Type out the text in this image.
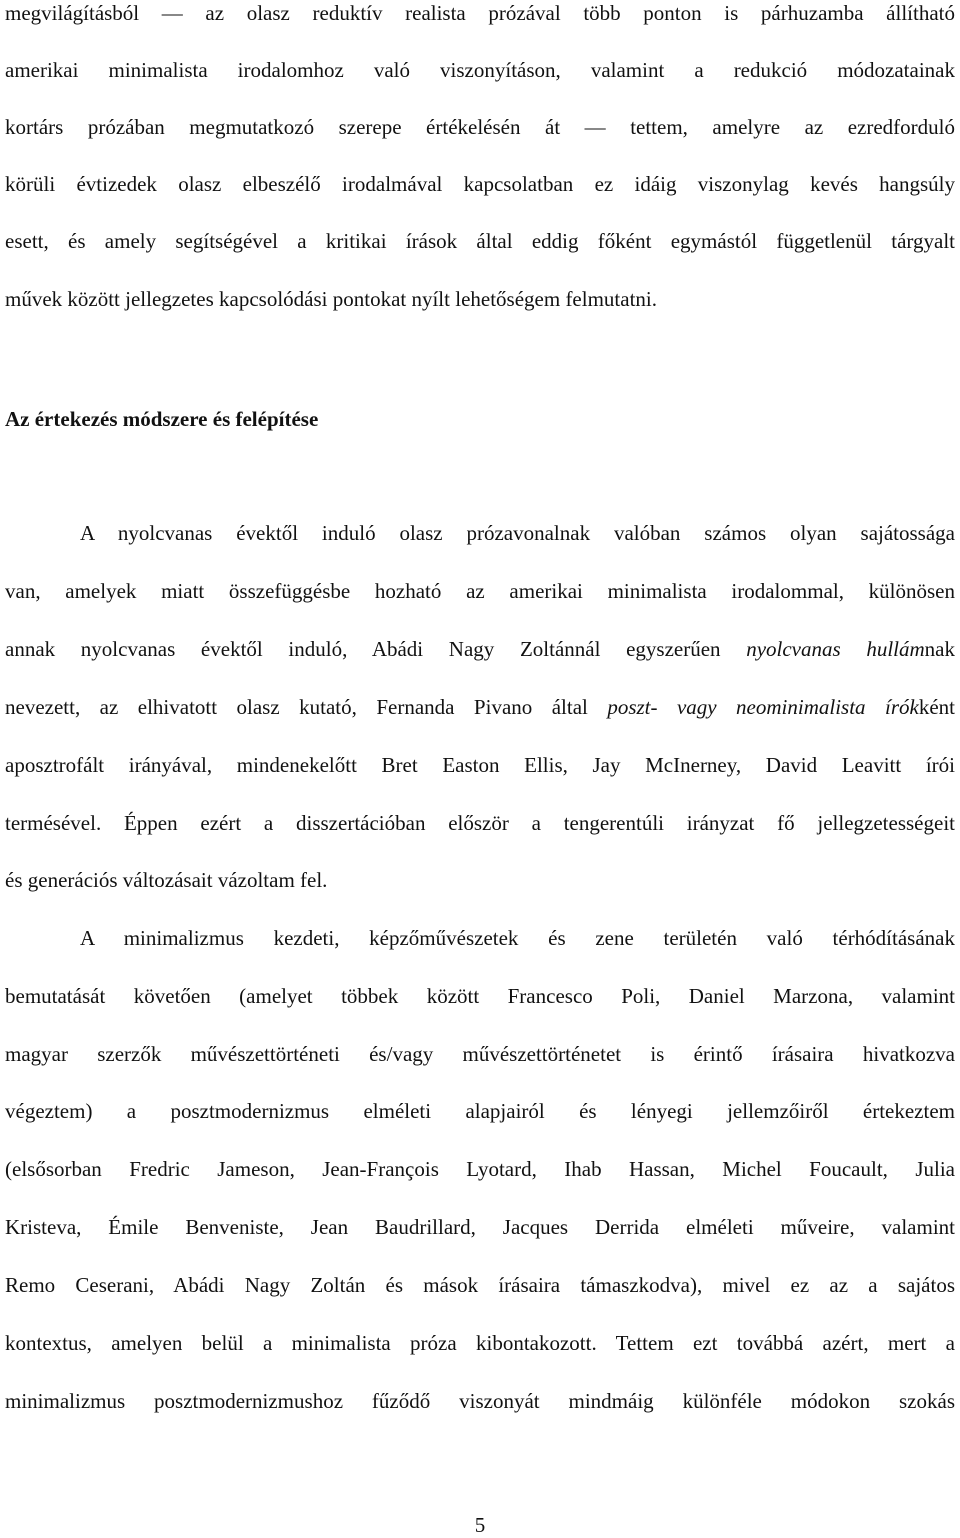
megvilágításból — az olasz reduktív realista prózával több ponton is párhuzamba állítható
amerikai minimalista irodalomhoz való viszonyításon, valamint a redukció módozatainak
kortárs prózában megmutatkozó szerepe értékelésén át — tettem, amelyre az ezredforduló
körüli évtizedek olasz elbeszélő irodalmával kapcsolatban ez idáig viszonylag kevés hangsúly
esett, és amely segítségével a kritikai írások által eddig főként egymástól függetlenül tárgyalt
művek között jellegzetes kapcsolódási pontokat nyílt lehetőségem felmutatni.
Az értekezés módszere és felépítése
A nyolcvanas évektől induló olasz prózavonalnak valóban számos olyan sajátossága
van, amelyek miatt összefüggésbe hozható az amerikai minimalista irodalommal, különösen
annak nyolcvanas évektől induló, Abádi Nagy Zoltánnál egyszerűen nyolcvanas hullámnak
nevezett, az elhivatott olasz kutató, Fernanda Pivano által poszt- vagy neominimalista írókként
aposztrofált irányával, mindenekelőtt Bret Easton Ellis, Jay McInerney, David Leavitt írói
termésével. Éppen ezért a disszertációban először a tengerentúli irányzat fő jellegzetességeit
és generációs változásait vázoltam fel.
A minimalizmus kezdeti, képzőművészetek és zene területén való térhódításának
bemutatását követően (amelyet többek között Francesco Poli, Daniel Marzona, valamint
magyar szerzők művészettörténeti és/vagy művészettörténetet is érintő írásaira hivatkozva
végeztem) a posztmodernizmus elméleti alapjairól és lényegi jellemzőiről értekeztem
(elsősorban Fredric Jameson, Jean-François Lyotard, Ihab Hassan, Michel Foucault, Julia
Kristeva, Émile Benveniste, Jean Baudrillard, Jacques Derrida elméleti műveire, valamint
Remo Ceserani, Abádi Nagy Zoltán és mások írásaira támaszkodva), mivel ez az a sajátos
kontextus, amelyen belül a minimalista próza kibontakozott. Tettem ezt továbbá azért, mert a
minimalizmus posztmodernizmushoz fűződő viszonyát mindmáig különféle módokon szokás
5
